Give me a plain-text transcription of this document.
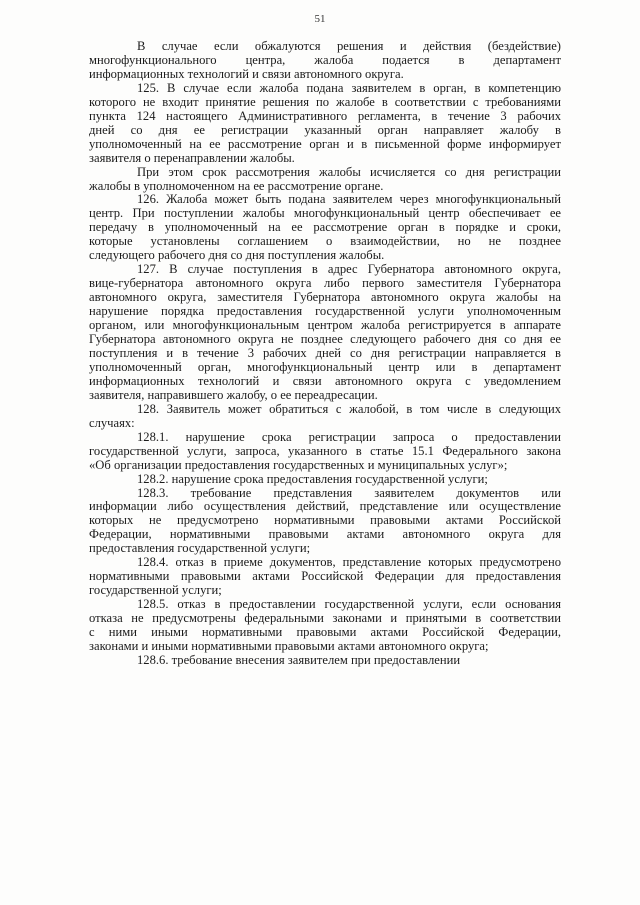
51
В случае если обжалуются решения и действия (бездействие)
многофункционального центра, жалоба подается в департамент
информационных технологий и связи автономного округа.
125. В случае если жалоба подана заявителем в орган, в компетенцию
которого не входит принятие решения по жалобе в соответствии с требованиями
пункта 124 настоящего Административного регламента, в течение 3 рабочих
дней со дня ее регистрации указанный орган направляет жалобу в
уполномоченный на ее рассмотрение орган и в письменной форме информирует
заявителя о перенаправлении жалобы.
При этом срок рассмотрения жалобы исчисляется со дня регистрации
жалобы в уполномоченном на ее рассмотрение органе.
126. Жалоба может быть подана заявителем через многофункциональный
центр. При поступлении жалобы многофункциональный центр обеспечивает ее
передачу в уполномоченный на ее рассмотрение орган в порядке и сроки,
которые установлены соглашением о взаимодействии, но не позднее
следующего рабочего дня со дня поступления жалобы.
127. В случае поступления в адрес Губернатора автономного округа,
вице-губернатора автономного округа либо первого заместителя Губернатора
автономного округа, заместителя Губернатора автономного округа жалобы на
нарушение порядка предоставления государственной услуги уполномоченным
органом, или многофункциональным центром жалоба регистрируется в аппарате
Губернатора автономного округа не позднее следующего рабочего дня со дня ее
поступления и в течение 3 рабочих дней со дня регистрации направляется в
уполномоченный орган, многофункциональный центр или в департамент
информационных технологий и связи автономного округа с уведомлением
заявителя, направившего жалобу, о ее переадресации.
128. Заявитель может обратиться с жалобой, в том числе в следующих
случаях:
128.1. нарушение срока регистрации запроса о предоставлении
государственной услуги, запроса, указанного в статье 15.1 Федерального закона
«Об организации предоставления государственных и муниципальных услуг»;
128.2. нарушение срока предоставления государственной услуги;
128.3. требование представления заявителем документов или
информации либо осуществления действий, представление или осуществление
которых не предусмотрено нормативными правовыми актами Российской
Федерации, нормативными правовыми актами автономного округа для
предоставления государственной услуги;
128.4. отказ в приеме документов, представление которых предусмотрено
нормативными правовыми актами Российской Федерации для предоставления
государственной услуги;
128.5. отказ в предоставлении государственной услуги, если основания
отказа не предусмотрены федеральными законами и принятыми в соответствии
с ними иными нормативными правовыми актами Российской Федерации,
законами и иными нормативными правовыми актами автономного округа;
128.6. требование внесения заявителем при предоставлении
